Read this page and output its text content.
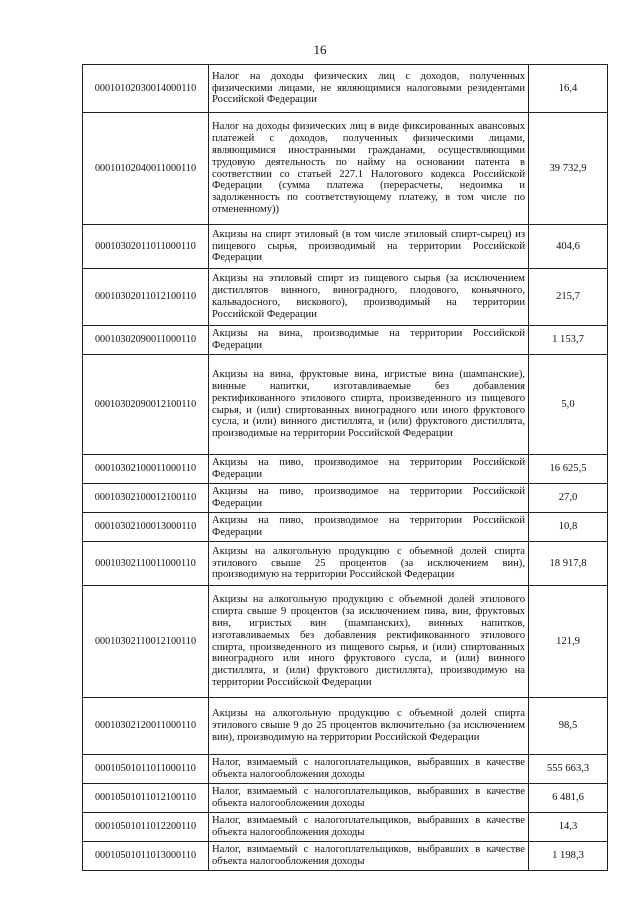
16
00010102030014000110	Налог на доходы физических лиц с доходов, полученных физическими лицами, не являющимися налоговыми резидентами Российской Федерации	16,4
00010102040011000110	Налог на доходы физических лиц в виде фиксированных авансовых платежей с доходов, полученных физическими лицами, являющимися иностранными гражданами, осуществляющими трудовую деятельность по найму на основании патента в соответствии со статьей 227.1 Налогового кодекса Российской Федерации (сумма платежа (перерасчеты, недоимка и задолженность по соответствующему платежу, в том числе по отмененному))	39 732,9
00010302011011000110	Акцизы на спирт этиловый (в том числе этиловый спирт-сырец) из пищевого сырья, производимый на территории Российской Федерации	404,6
00010302011012100110	Акцизы на этиловый спирт из пищевого сырья (за исключением дистиллятов винного, виноградного, плодового, коньячного, кальвадосного, вискового), производимый на территории Российской Федерации	215,7
00010302090011000110	Акцизы на вина, производимые на территории Российской Федерации	1 153,7
00010302090012100110	Акцизы на вина, фруктовые вина, игристые вина (шампанские), винные напитки, изготавливаемые без добавления ректификованного этилового спирта, произведенного из пищевого сырья, и (или) спиртованных виноградного или иного фруктового сусла, и (или) винного дистиллята, и (или) фруктового дистиллята, производимые на территории Российской Федерации	5,0
00010302100011000110	Акцизы на пиво, производимое на территории Российской Федерации	16 625,5
00010302100012100110	Акцизы на пиво, производимое на территории Российской Федерации	27,0
00010302100013000110	Акцизы на пиво, производимое на территории Российской Федерации	10,8
00010302110011000110	Акцизы на алкогольную продукцию с объемной долей спирта этилового свыше 25 процентов (за исключением вин), производимую на территории Российской Федерации	18 917,8
00010302110012100110	Акцизы на алкогольную продукцию с объемной долей этилового спирта свыше 9 процентов (за исключением пива, вин, фруктовых вин, игристых вин (шампанских), винных напитков, изготавливаемых без добавления ректификованного этилового спирта, произведенного из пищевого сырья, и (или) спиртованных виноградного или иного фруктового сусла, и (или) винного дистиллята, и (или) фруктового дистиллята), производимую на территории Российской Федерации	121,9
00010302120011000110	Акцизы на алкогольную продукцию с объемной долей спирта этилового свыше 9 до 25 процентов включительно (за исключением вин), производимую на территории Российской Федерации	98,5
00010501011011000110	Налог, взимаемый с налогоплательщиков, выбравших в качестве объекта налогообложения доходы	555 663,3
00010501011012100110	Налог, взимаемый с налогоплательщиков, выбравших в качестве объекта налогообложения доходы	6 481,6
00010501011012200110	Налог, взимаемый с налогоплательщиков, выбравших в качестве объекта налогообложения доходы	14,3
00010501011013000110	Налог, взимаемый с налогоплательщиков, выбравших в качестве объекта налогообложения доходы	1 198,3
